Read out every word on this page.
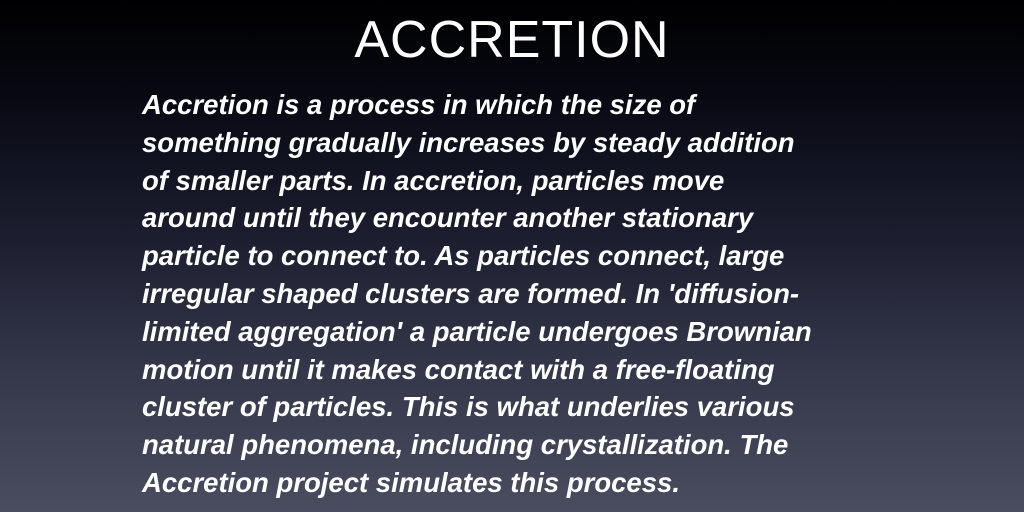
ACCRETION
Accretion is a process in which the size of
something gradually increases by steady addition
of smaller parts. In accretion, particles move
around until they encounter another stationary
particle to connect to. As particles connect, large
irregular shaped clusters are formed. In 'diffusion-
limited aggregation' a particle undergoes Brownian
motion until it makes contact with a free-floating
cluster of particles. This is what underlies various
natural phenomena, including crystallization. The
Accretion project simulates this process.
